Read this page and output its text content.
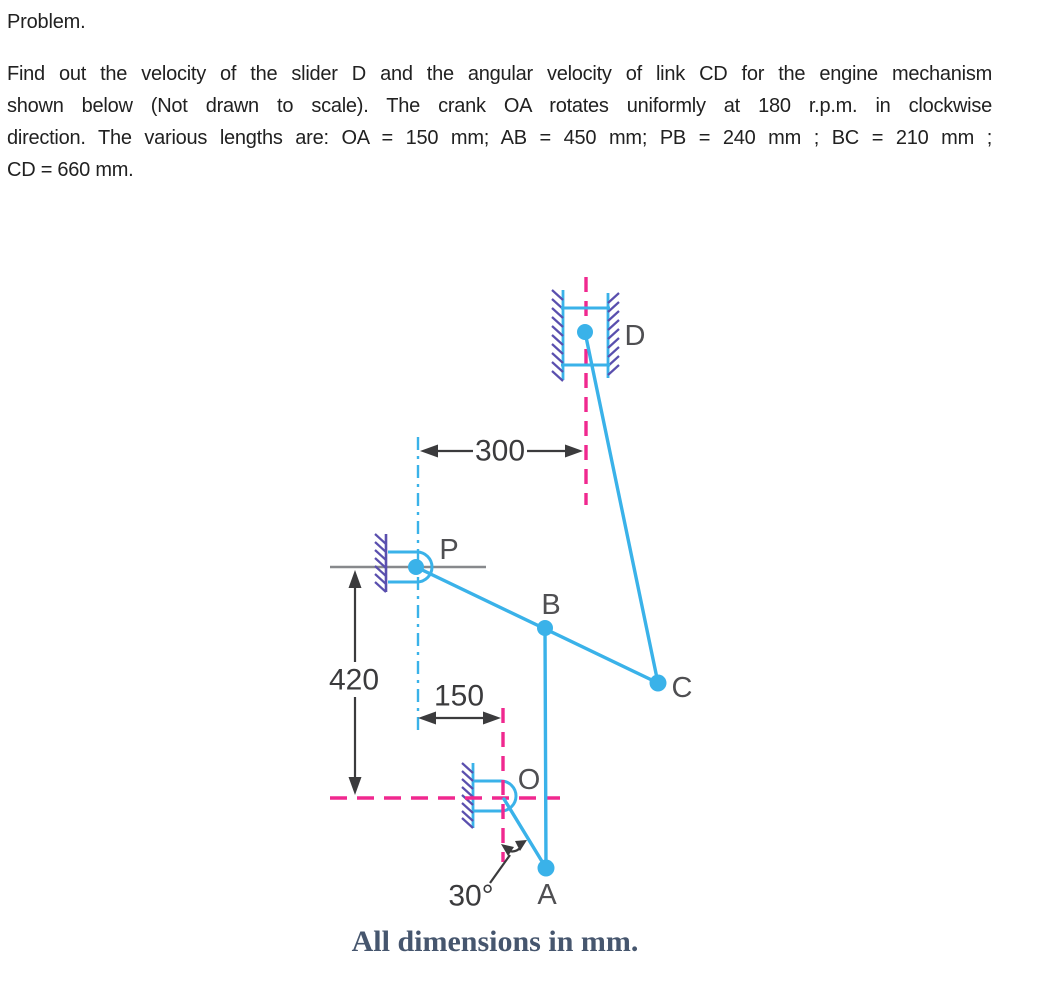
Problem.
Find out the velocity of the slider D and the angular velocity of link CD for the engine mechanism
shown below (Not drawn to scale). The crank OA rotates uniformly at 180 r.p.m. in clockwise
direction. The various lengths are: OA = 150 mm; AB = 450 mm; PB = 240 mm ; BC = 210 mm ;
CD = 660 mm.
300
420 150
30°
D
P
B
C
O
A
All dimensions in mm.
